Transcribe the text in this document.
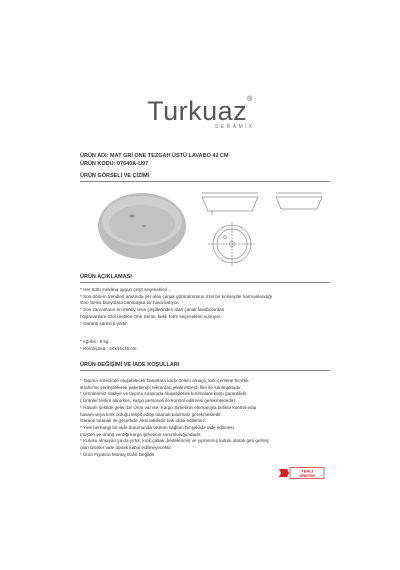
Turkuaz®
SERAMİK
ÜRÜN ADI: MAT GRİ ONE TEZGAH ÜSTÜ LAVABO 42 CM
ÜRÜN KODU: 07640A-U97
ÜRÜN GÖRSELİ VE ÇİZİMİ
ÜRÜN AÇIKLAMASI
* Her türlü mekâna uygun çeşit seçenekleri...
* Son dönem trendleri arasında yer alan çanak görünümünün özel bir konseptle harmanlandığı
One Serisi banyolara bambaşka bir hava katıyor.
* Son zamanların en trendy ürün çeşitlerinden olan çanak lavabolardan
hoşlananlara özel üretilen One Serisi, farklı form seçenekleri sunuyor.
* Garanti süresi 5 yıldır.
* Ağırlık : 8 kg
* Koli ölçüsü : 44x44x16 cm
ÜRÜN DEĞİŞİMİ VE İADE KOŞULLARI
* Taşıma sürecinde oluşabilecek hasarlara karşı önlem amaçlı; koli içerisine 5cm'lik
strafor'lar yerleştirilerek paketlenip; tekrardan jelatin/strech film ile sarılmaktadır.
* Ürünlerimiz nakliye ve taşıma sırasında oluşabilecek kırılmalara karşı garantilidir.
( Ürünler teslim alınırken, kargo personeli ile kontrol edilmesi gerekmektedir)
* Hasarlı şekilde gelen bir Ürün var ise, Kargo Şirketinin elemanıyla birlikte kontrol edip
hasarlı veya kırık olduğu tespit edilip tutanak tutulması gerekmektedir.
Garanti tutanak ile geçerlidir. Aksi takdirde hak iddia edilemez.
* Yine herhangi bir iade durumunda ürünün sağlam bir şekilde iade edilmesi
müşteri ve ürünü verdiği kargo şirketinin sorumluluğundadır.
* Kutusu olmayan ya da yırtık, kırık,çatlak ,bedelenmiş ve yıpranmış kutulu olarak geri gelmiş
olan ürünler iade olarak kabul edilmeyecektir.
* Ürün Fiyatına Montaj Dahil Değildir
YERLİ
ÜRETİM
